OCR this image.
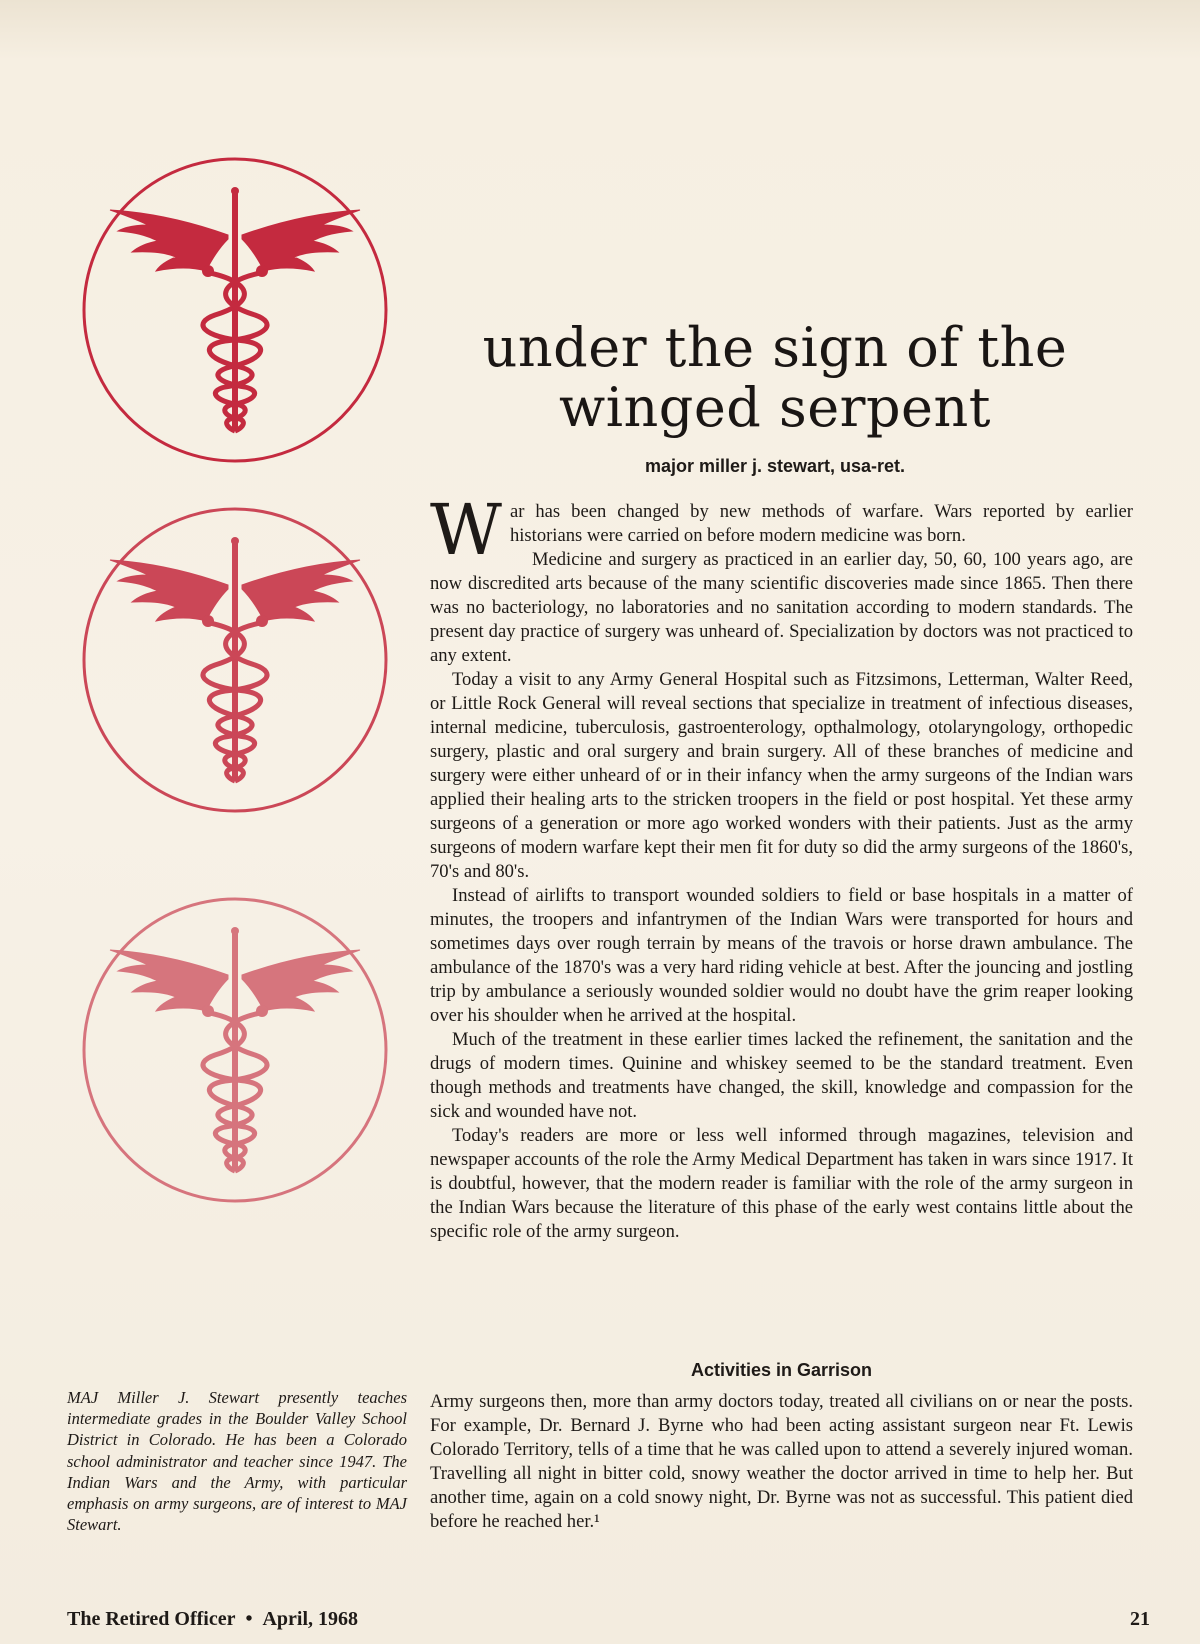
under the sign of the
winged serpent

major miller j. stewart, usa-ret.

War has been changed by new methods of warfare. Wars reported by earlier historians were carried on before modern medicine was born.

Medicine and surgery as practiced in an earlier day, 50, 60, 100 years ago, are now discredited arts because of the many scientific discoveries made since 1865. Then there was no bacteriology, no laboratories and no sanitation according to modern standards. The present day practice of surgery was unheard of. Specialization by doctors was not practiced to any extent.

Today a visit to any Army General Hospital such as Fitzsimons, Letterman, Walter Reed, or Little Rock General will reveal sections that specialize in treatment of infectious diseases, internal medicine, tuberculosis, gastroenterology, opthalmology, otolaryngology, orthopedic surgery, plastic and oral surgery and brain surgery. All of these branches of medicine and surgery were either unheard of or in their infancy when the army surgeons of the Indian wars applied their healing arts to the stricken troopers in the field or post hospital. Yet these army surgeons of a generation or more ago worked wonders with their patients. Just as the army surgeons of modern warfare kept their men fit for duty so did the army surgeons of the 1860's, 70's and 80's.

Instead of airlifts to transport wounded soldiers to field or base hospitals in a matter of minutes, the troopers and infantrymen of the Indian Wars were transported for hours and sometimes days over rough terrain by means of the travois or horse drawn ambulance. The ambulance of the 1870's was a very hard riding vehicle at best. After the jouncing and jostling trip by ambulance a seriously wounded soldier would no doubt have the grim reaper looking over his shoulder when he arrived at the hospital.

Much of the treatment in these earlier times lacked the refinement, the sanitation and the drugs of modern times. Quinine and whiskey seemed to be the standard treatment. Even though methods and treatments have changed, the skill, knowledge and compassion for the sick and wounded have not.

Today's readers are more or less well informed through magazines, television and newspaper accounts of the role the Army Medical Department has taken in wars since 1917. It is doubtful, however, that the modern reader is familiar with the role of the army surgeon in the Indian Wars because the literature of this phase of the early west contains little about the specific role of the army surgeon.

Activities in Garrison

Army surgeons then, more than army doctors today, treated all civilians on or near the posts. For example, Dr. Bernard J. Byrne who had been acting assistant surgeon near Ft. Lewis Colorado Territory, tells of a time that he was called upon to attend a severely injured woman. Travelling all night in bitter cold, snowy weather the doctor arrived in time to help her. But another time, again on a cold snowy night, Dr. Byrne was not as successful. This patient died before he reached her.¹

MAJ Miller J. Stewart presently teaches intermediate grades in the Boulder Valley School District in Colorado. He has been a Colorado school administrator and teacher since 1947. The Indian Wars and the Army, with particular emphasis on army surgeons, are of interest to MAJ Stewart.

The Retired Officer • April, 1968	21
